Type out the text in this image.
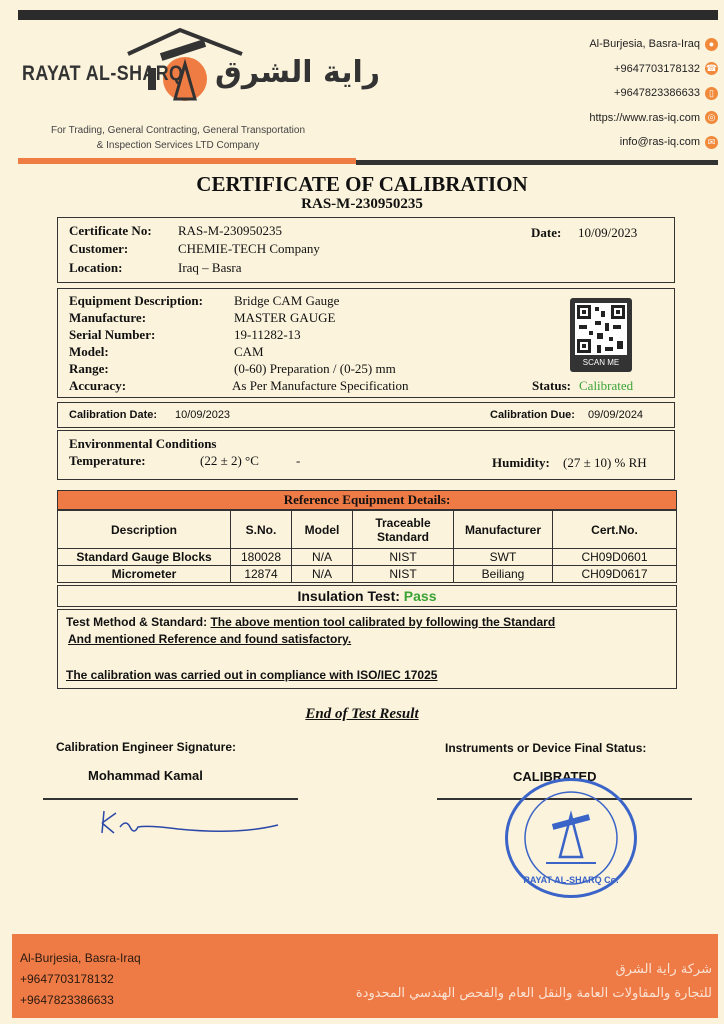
RAYAT AL-SHARQ راية الشرق
For Trading, General Contracting, General Transportation
& Inspection Services LTD Company
Al-Burjesia, Basra-Iraq ●
+9647703178132 ☎
+9647823386633	▯
https://www.ras-iq.com ◎
info@ras-iq.com ✉
CERTIFICATE OF CALIBRATION
RAS-M-230950235
Certificate No: RAS-M-230950235
Customer:	CHEMIE-TECH Company
Location:	Iraq – Basra
Date: 10/09/2023
Equipment Description: Bridge CAM Gauge
Manufacture:	MASTER GAUGE
Serial Number:	19-11282-13
Model:	CAM
Range:	(0-60) Preparation / (0-25) mm
Accuracy:	As Per Manufacture Specification
SCAN ME
Status: Calibrated
Calibration Date: 10/09/2023	Calibration Due: 09/09/2024
Environmental Conditions
Temperature:	(22 ± 2) °C	-	Humidity: (27 ± 10) % RH
Reference Equipment Details:
Description	S.No.	Model	Traceable Standard	Manufacturer	Cert.No.
Standard Gauge Blocks	180028	N/A	NIST	SWT	CH09D0601
Micrometer	12874	N/A	NIST	Beiliang	CH09D0617
Insulation Test: Pass
Test Method & Standard: The above mention tool calibrated by following the Standard
And mentioned Reference and found satisfactory.
The calibration was carried out in compliance with ISO/IEC 17025
End of Test Result
Calibration Engineer Signature:
Mohammad Kamal
Instruments or Device Final Status:
CALIBRATED
RAYAT AL-SHARQ Co.
Al-Burjesia, Basra-Iraq
+9647703178132
+9647823386633
شركة راية الشرق
للتجارة والمقاولات العامة والنقل العام والفحص الهندسي المحدودة
